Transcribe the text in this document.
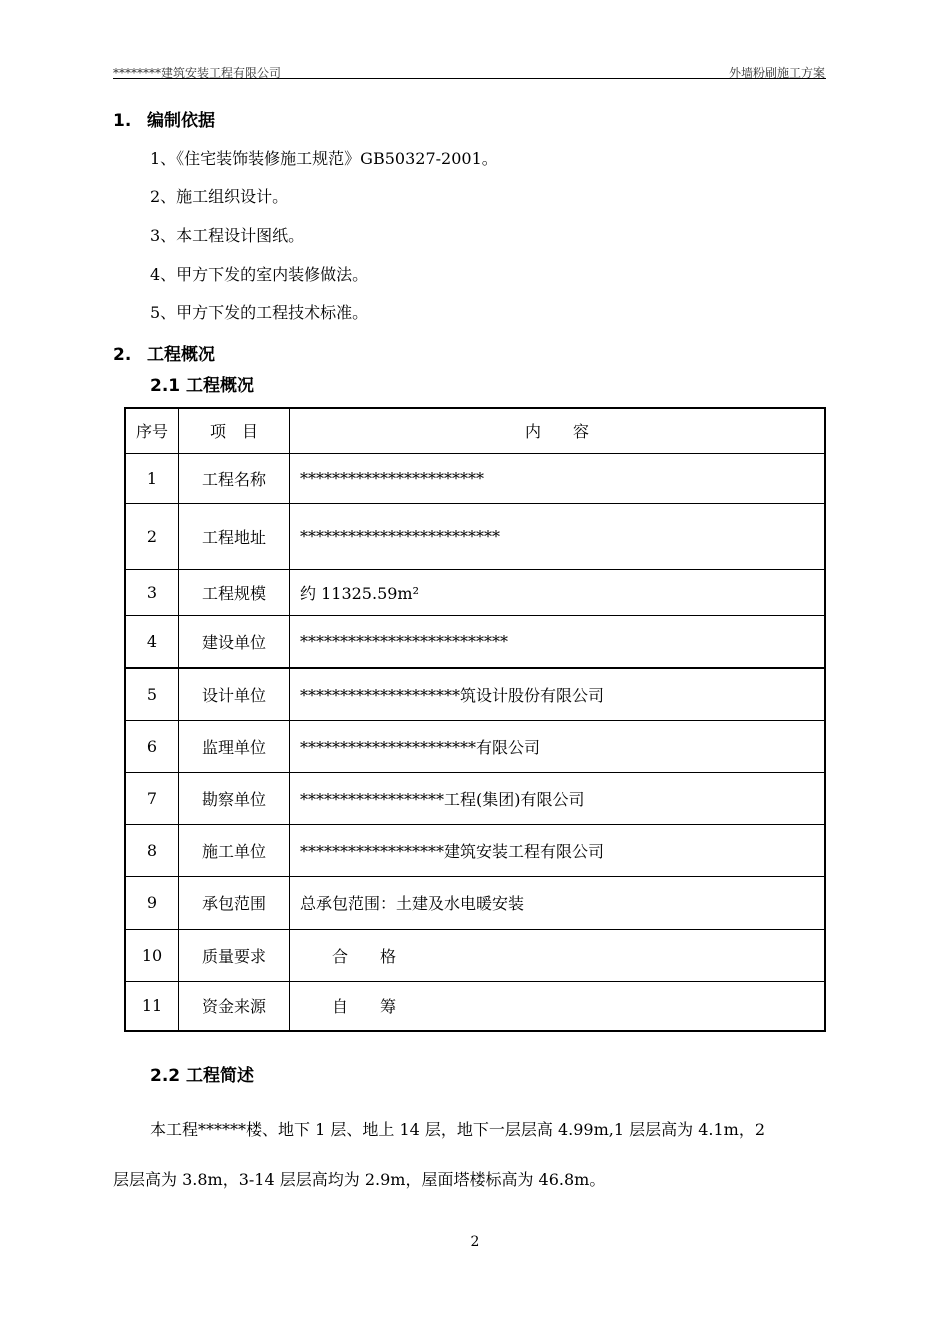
********建筑安装工程有限公司	外墙粉刷施工方案
1. 编制依据
1、《住宅装饰装修施工规范》GB50327-2001。
2、施工组织设计。
3、本工程设计图纸。
4、甲方下发的室内装修做法。
5、甲方下发的工程技术标准。
2. 工程概况
2.1 工程概况
序号	项　目	内　　容
1	工程名称	***********************
2	工程地址	*************************
3	工程规模	约 11325.59m²
4	建设单位	**************************
5	设计单位	********************筑设计股份有限公司
6	监理单位	**********************有限公司
7	勘察单位	******************工程(集团)有限公司
8	施工单位	******************建筑安装工程有限公司
9	承包范围	总承包范围：土建及水电暖安装
10	质量要求	　　合　　格
11	资金来源	　　自　　筹
2.2 工程简述
本工程******楼、地下 1 层、地上 14 层，地下一层层高 4.99m,1 层层高为 4.1m，2
层层高为 3.8m，3-14 层层高均为 2.9m，屋面塔楼标高为 46.8m。
2
